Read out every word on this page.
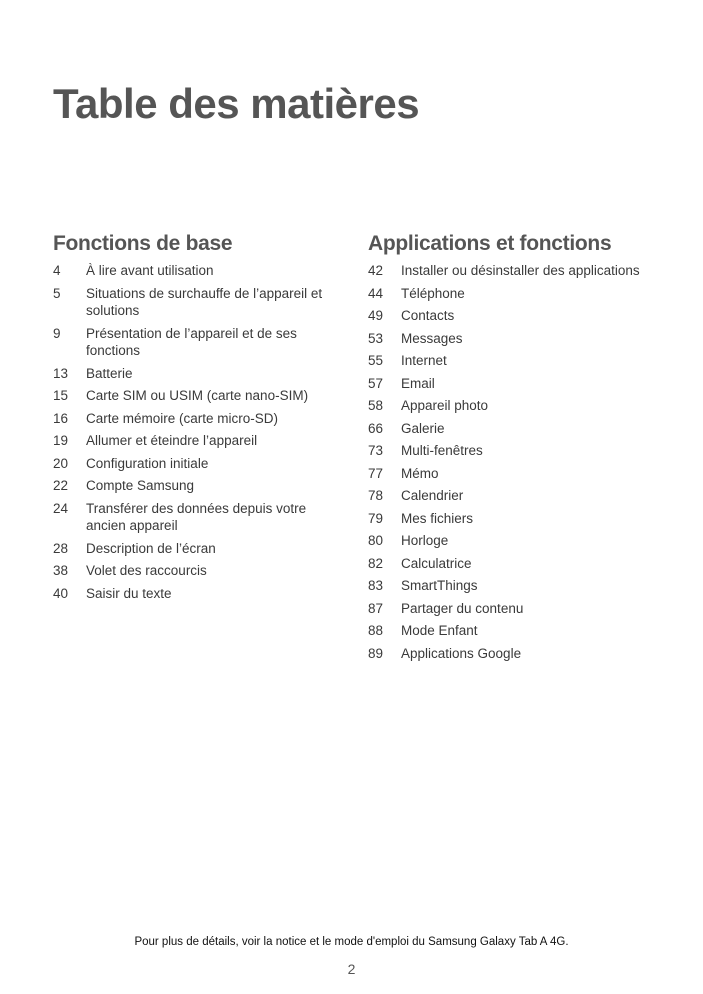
Table des matières
Fonctions de base
4	À lire avant utilisation
5	Situations de surchauffe de l’appareil et solutions
9	Présentation de l’appareil et de ses fonctions
13	Batterie
15	Carte SIM ou USIM (carte nano-SIM)
16	Carte mémoire (carte micro-SD)
19	Allumer et éteindre l’appareil
20	Configuration initiale
22	Compte Samsung
24	Transférer des données depuis votre ancien appareil
28	Description de l’écran
38	Volet des raccourcis
40	Saisir du texte
Applications et fonctions
42	Installer ou désinstaller des applications
44	Téléphone
49	Contacts
53	Messages
55	Internet
57	Email
58	Appareil photo
66	Galerie
73	Multi-fenêtres
77	Mémo
78	Calendrier
79	Mes fichiers
80	Horloge
82	Calculatrice
83	SmartThings
87	Partager du contenu
88	Mode Enfant
89	Applications Google
Pour plus de détails, voir la notice et le mode d'emploi du Samsung Galaxy Tab A 4G.
2
